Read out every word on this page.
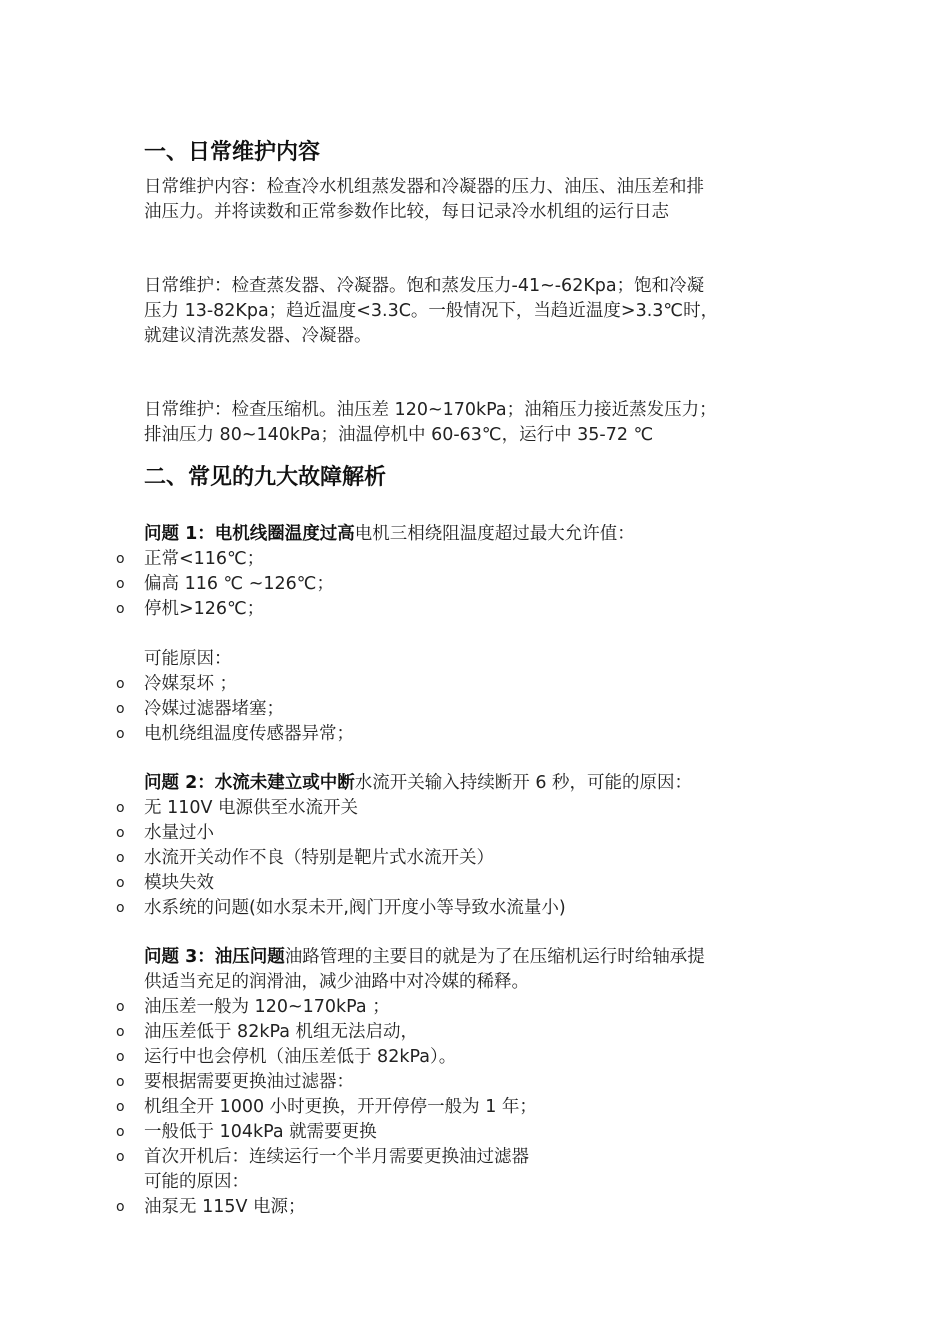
一、日常维护内容
日常维护内容：检查冷水机组蒸发器和冷凝器的压力、油压、油压差和排
油压力。并将读数和正常参数作比较，每日记录冷水机组的运行日志
日常维护：检查蒸发器、冷凝器。饱和蒸发压力-41~-62Kpa；饱和冷凝
压力 13-82Kpa；趋近温度<3.3C。一般情况下，当趋近温度>3.3℃时，
就建议清洗蒸发器、冷凝器。
日常维护：检查压缩机。油压差 120~170kPa；油箱压力接近蒸发压力；
排油压力 80~140kPa；油温停机中 60-63℃，运行中 35-72 ℃
二、常见的九大故障解析
问题 1：电机线圈温度过高电机三相绕阻温度超过最大允许值：
o 正常<116℃；
o 偏高 116 ℃ ~126℃；
o 停机>126℃；
可能原因：
o 冷媒泵坏 ；
o 冷媒过滤器堵塞；
o 电机绕组温度传感器异常；
问题 2：水流未建立或中断水流开关输入持续断开 6 秒，可能的原因：
o 无 110V 电源供至水流开关
o 水量过小
o 水流开关动作不良（特别是靶片式水流开关）
o 模块失效
o 水系统的问题(如水泵未开,阀门开度小等导致水流量小)
问题 3：油压问题油路管理的主要目的就是为了在压缩机运行时给轴承提
供适当充足的润滑油，减少油路中对冷媒的稀释。
o 油压差一般为 120~170kPa ；
o 油压差低于 82kPa 机组无法启动，
o 运行中也会停机（油压差低于 82kPa）。
o 要根据需要更换油过滤器：
o 机组全开 1000 小时更换，开开停停一般为 1 年；
o 一般低于 104kPa 就需要更换
o 首次开机后：连续运行一个半月需要更换油过滤器
可能的原因：
o 油泵无 115V 电源；
